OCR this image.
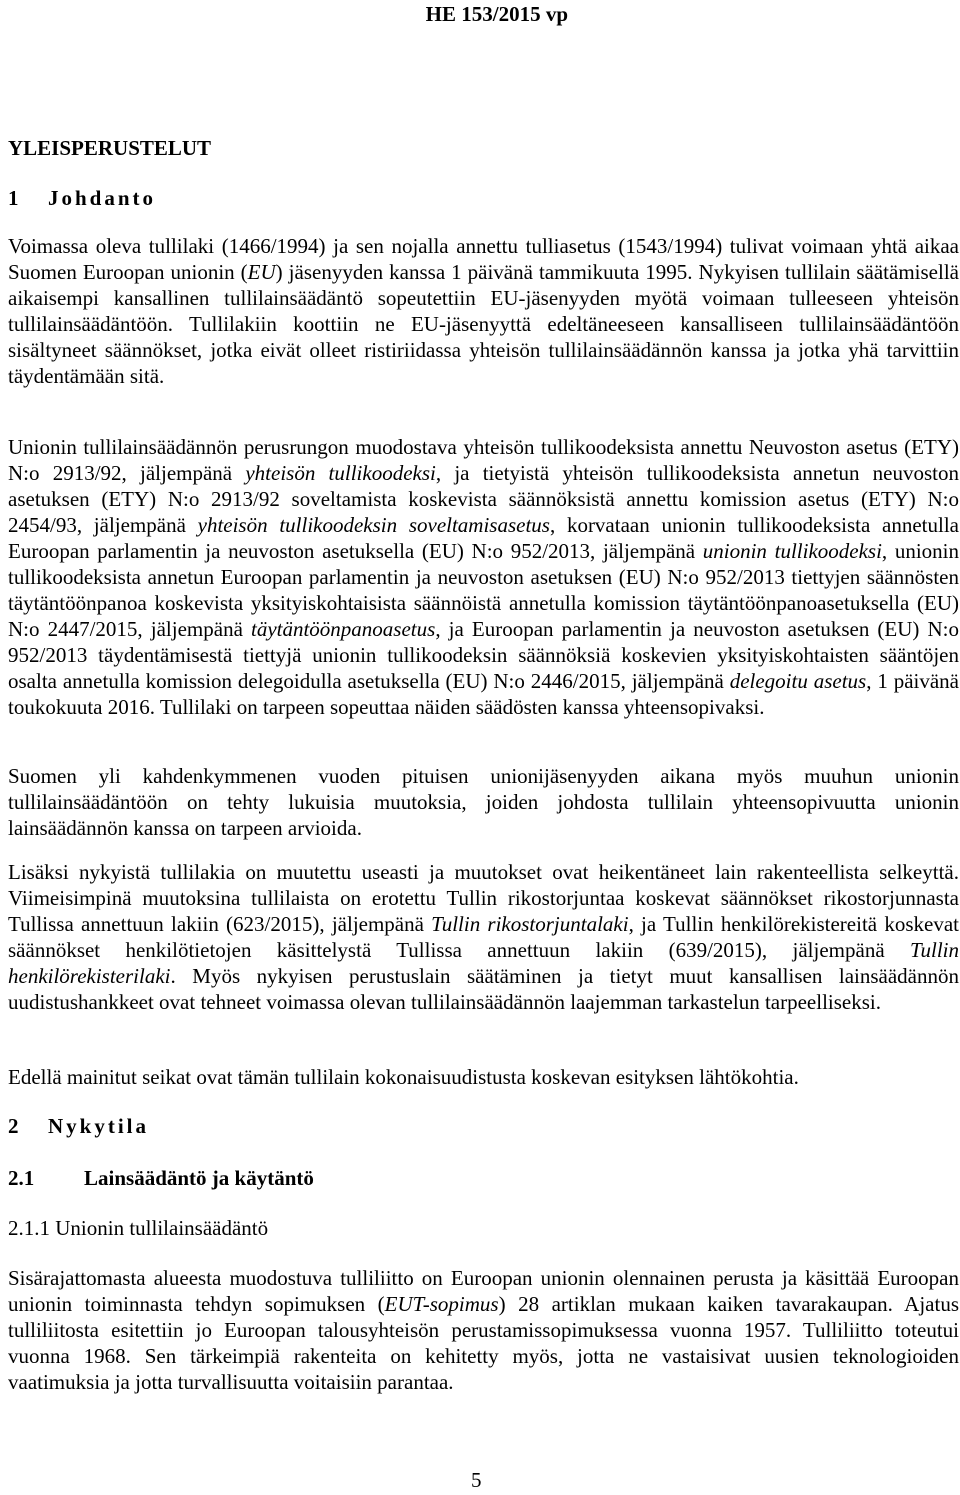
HE 153/2015 vp
YLEISPERUSTELUT
1 Johdanto
Voimassa oleva tullilaki (1466/1994) ja sen nojalla annettu tulliasetus (1543/1994) tulivat voimaan yhtä aikaa Suomen Euroopan unionin (EU) jäsenyyden kanssa 1 päivänä tammikuuta 1995. Nykyisen tullilain säätämisellä aikaisempi kansallinen tullilainsäädäntö sopeutettiin EU-jäsenyyden myötä voimaan tulleeseen yhteisön tullilainsäädäntöön. Tullilakiin koottiin ne EU-jäsenyyttä edeltäneeseen kansalliseen tullilainsäädäntöön sisältyneet säännökset, jotka eivät olleet ristiriidassa yhteisön tullilainsäädännön kanssa ja jotka yhä tarvittiin täydentämään sitä.
Unionin tullilainsäädännön perusrungon muodostava yhteisön tullikoodeksista annettu Neuvoston asetus (ETY) N:o 2913/92, jäljempänä yhteisön tullikoodeksi, ja tietyistä yhteisön tullikoodeksista annetun neuvoston asetuksen (ETY) N:o 2913/92 soveltamista koskevista säännöksistä annettu komission asetus (ETY) N:o 2454/93, jäljempänä yhteisön tullikoodeksin soveltamisasetus, korvataan unionin tullikoodeksista annetulla Euroopan parlamentin ja neuvoston asetuksella (EU) N:o 952/2013, jäljempänä unionin tullikoodeksi, unionin tullikoodeksista annetun Euroopan parlamentin ja neuvoston asetuksen (EU) N:o 952/2013 tiettyjen säännösten täytäntöönpanoa koskevista yksityiskohtaisista säännöistä annetulla komission täytäntöönpanoasetuksella (EU) N:o 2447/2015, jäljempänä täytäntöönpanoasetus, ja Euroopan parlamentin ja neuvoston asetuksen (EU) N:o 952/2013 täydentämisestä tiettyjä unionin tullikoodeksin säännöksiä koskevien yksityiskohtaisten sääntöjen osalta annetulla komission delegoidulla asetuksella (EU) N:o 2446/2015, jäljempänä delegoitu asetus, 1 päivänä toukokuuta 2016. Tullilaki on tarpeen sopeuttaa näiden säädösten kanssa yhteensopivaksi.
Suomen yli kahdenkymmenen vuoden pituisen unionijäsenyyden aikana myös muuhun unionin tullilainsäädäntöön on tehty lukuisia muutoksia, joiden johdosta tullilain yhteensopivuutta unionin lainsäädännön kanssa on tarpeen arvioida.
Lisäksi nykyistä tullilakia on muutettu useasti ja muutokset ovat heikentäneet lain rakenteellista selkeyttä. Viimeisimpinä muutoksina tullilaista on erotettu Tullin rikostorjuntaa koskevat säännökset rikostorjunnasta Tullissa annettuun lakiin (623/2015), jäljempänä Tullin rikostorjuntalaki, ja Tullin henkilörekistereitä koskevat säännökset henkilötietojen käsittelystä Tullissa annettuun lakiin (639/2015), jäljempänä Tullin henkilörekisterilaki. Myös nykyisen perustuslain säätäminen ja tietyt muut kansallisen lainsäädännön uudistushankkeet ovat tehneet voimassa olevan tullilainsäädännön laajemman tarkastelun tarpeelliseksi.
Edellä mainitut seikat ovat tämän tullilain kokonaisuudistusta koskevan esityksen lähtökohtia.
2 Nykytila
2.1 Lainsäädäntö ja käytäntö
2.1.1 Unionin tullilainsäädäntö
Sisärajattomasta alueesta muodostuva tulliliitto on Euroopan unionin olennainen perusta ja käsittää Euroopan unionin toiminnasta tehdyn sopimuksen (EUT-sopimus) 28 artiklan mukaan kaiken tavarakaupan. Ajatus tulliliitosta esitettiin jo Euroopan talousyhteisön perustamissopimuksessa vuonna 1957. Tulliliitto toteutui vuonna 1968. Sen tärkeimpiä rakenteita on kehitetty myös, jotta ne vastaisivat uusien teknologioiden vaatimuksia ja jotta turvallisuutta voitaisiin parantaa.
5
